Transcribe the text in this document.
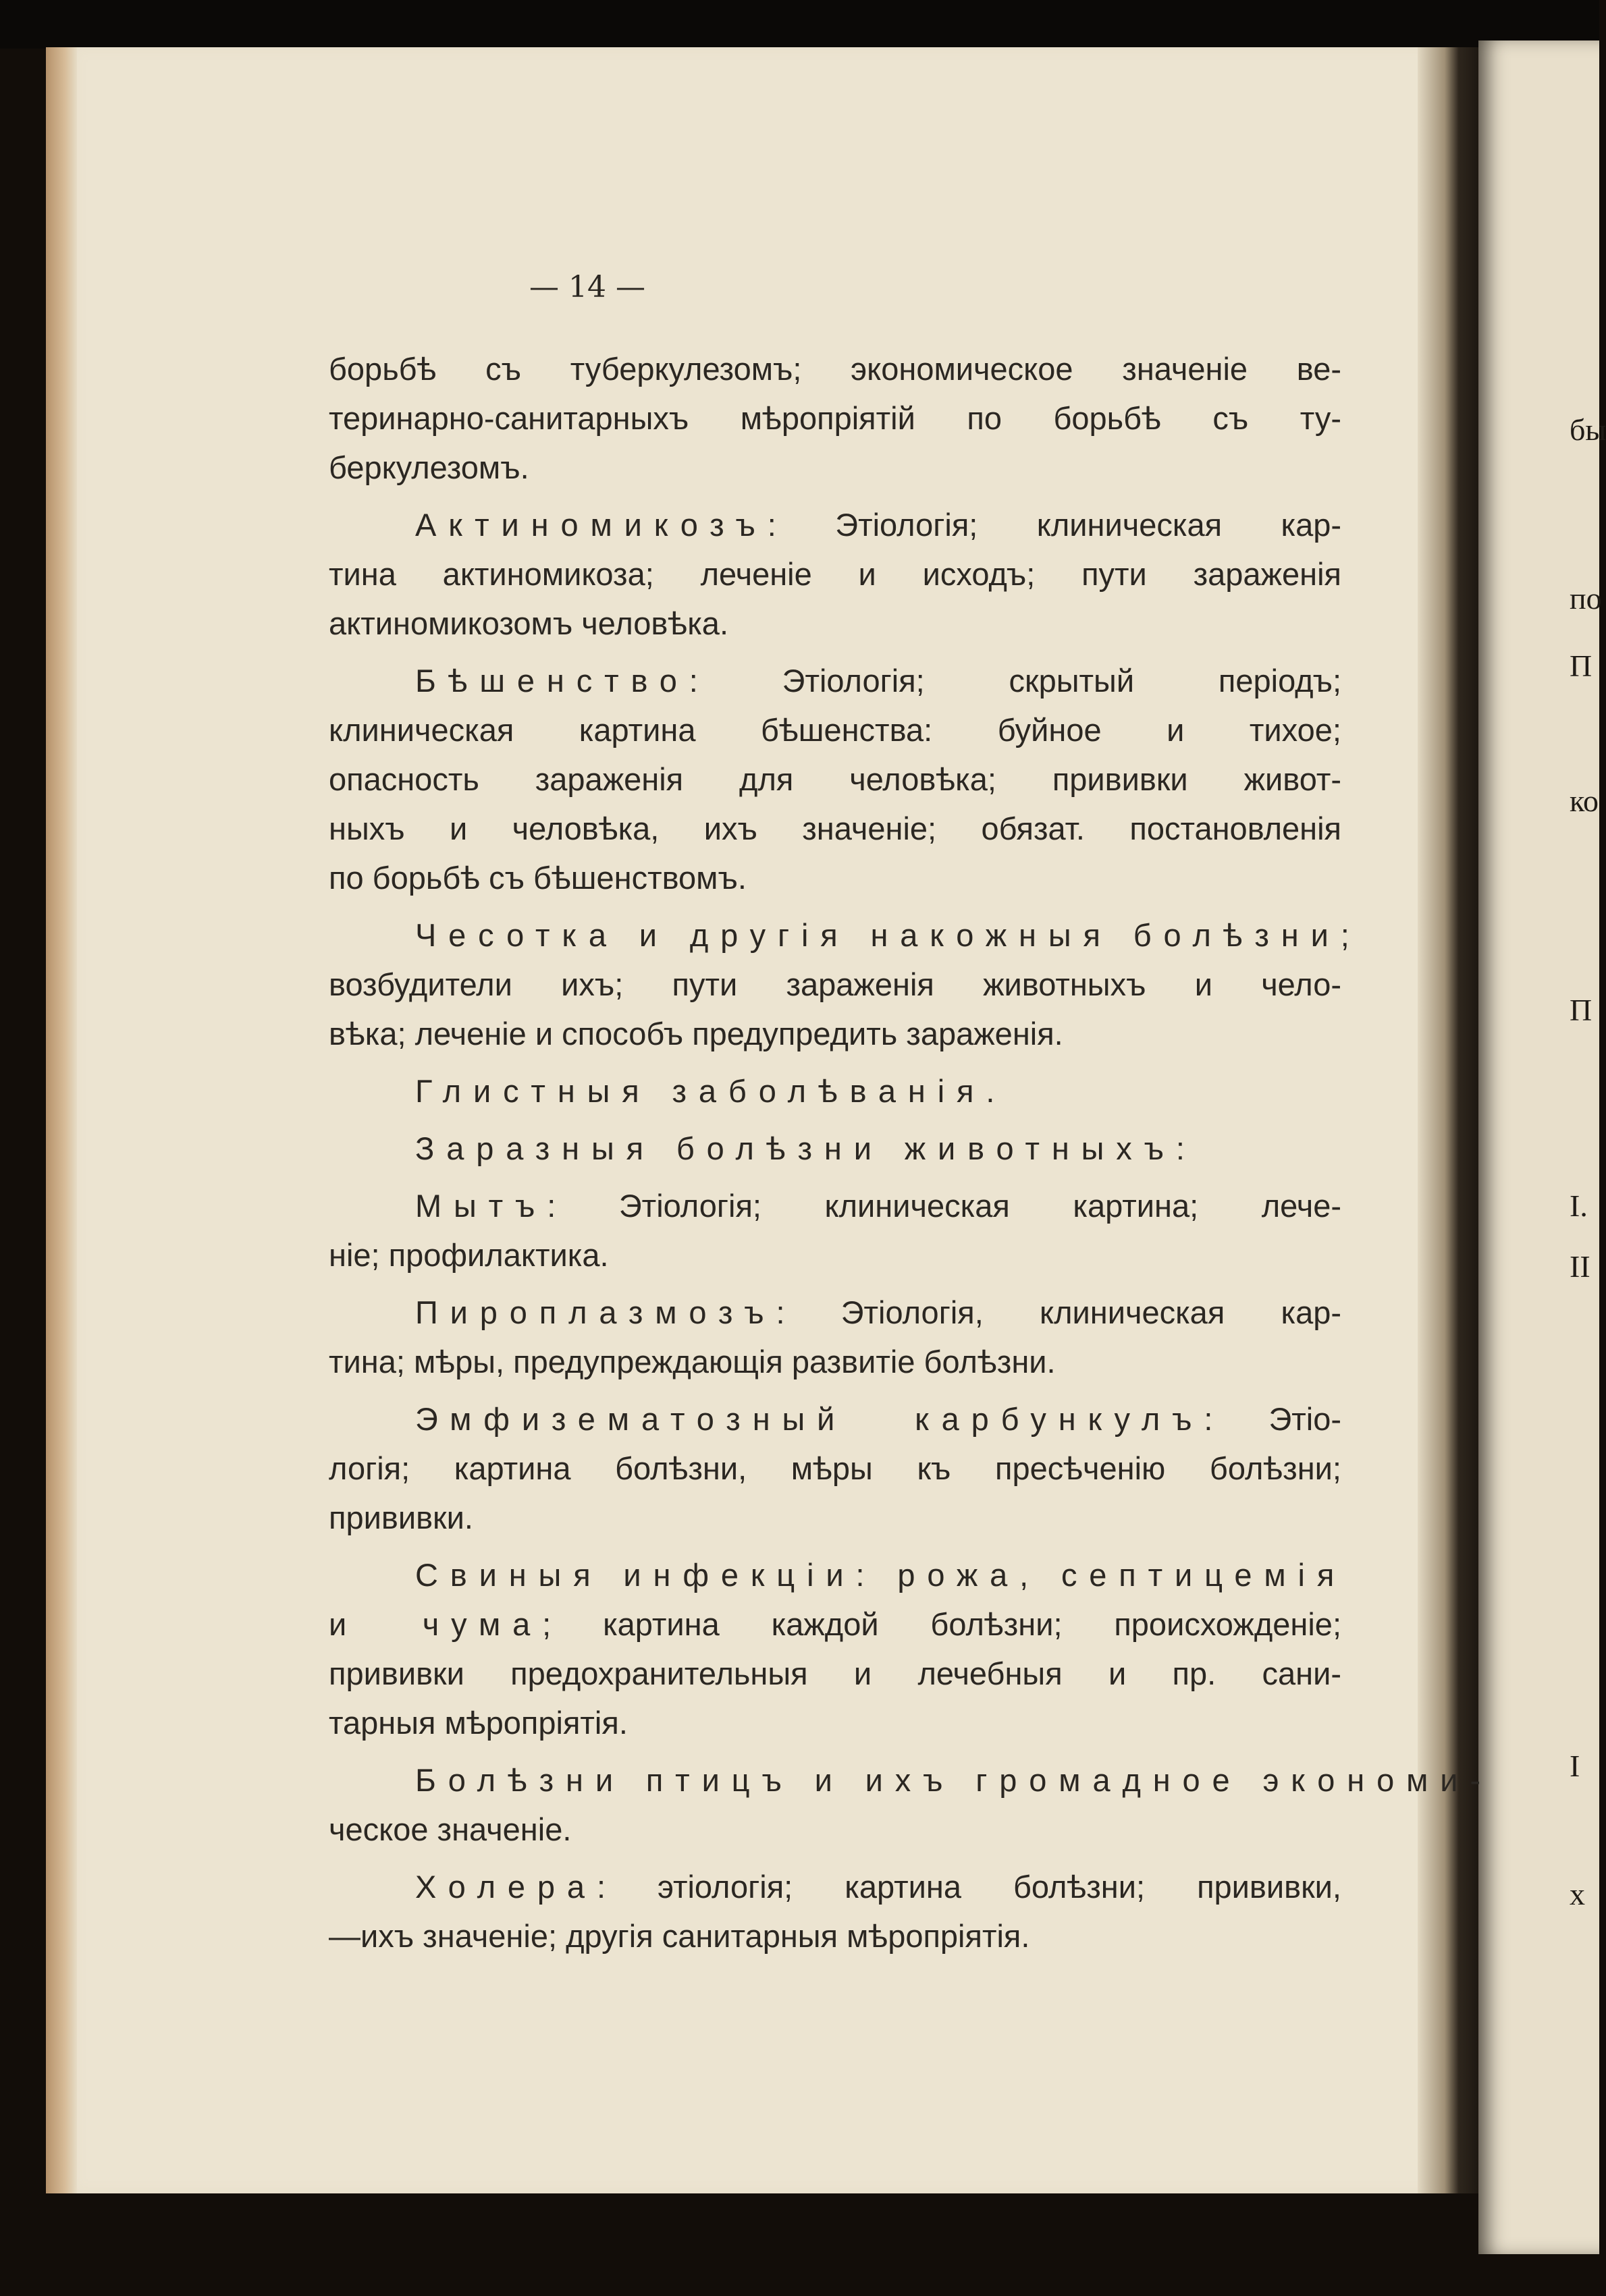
— 14 —
борьбѣ съ туберкулезомъ; экономическое значеніе ве-
теринарно-санитарныхъ мѣропріятій по борьбѣ съ ту-
беркулезомъ.
Актиномикозъ: Этіологія; клиническая кар-
тина актиномикоза; леченіе и исходъ; пути зараженія
актиномикозомъ человѣка.
Бѣшенство: Этіологія; скрытый періодъ;
клиническая картина бѣшенства: буйное и тихое;
опасность зараженія для человѣка; прививки живот-
ныхъ и человѣка, ихъ значеніе; обязат. постановленія
по борьбѣ съ бѣшенствомъ.
Чесотка и другія накожныя болѣзни;
возбудители ихъ; пути зараженія животныхъ и чело-
вѣка; леченіе и способъ предупредить зараженія.
Глистныя заболѣванія.
Заразныя болѣзни животныхъ:
Мытъ: Этіологія; клиническая картина; лече-
ніе; профилактика.
Пироплазмозъ: Этіологія, клиническая кар-
тина; мѣры, предупреждающія развитіе болѣзни.
Эмфизематозный карбункулъ: Этіо-
логія; картина болѣзни, мѣры къ пресѣченію болѣзни;
прививки.
Свиныя инфекціи: рожа, септицемія
и чума; картина каждой болѣзни; происхожденіе;
прививки предохранительныя и лечебныя и пр. сани-
тарныя мѣропріятія.
Болѣзни птицъ и ихъ громадное экономи-
ческое значеніе.
Холера: этіологія; картина болѣзни; прививки,
—ихъ значеніе; другія санитарныя мѣропріятія.
бы
по
П
ко
П
І.
ІІ
І
х
